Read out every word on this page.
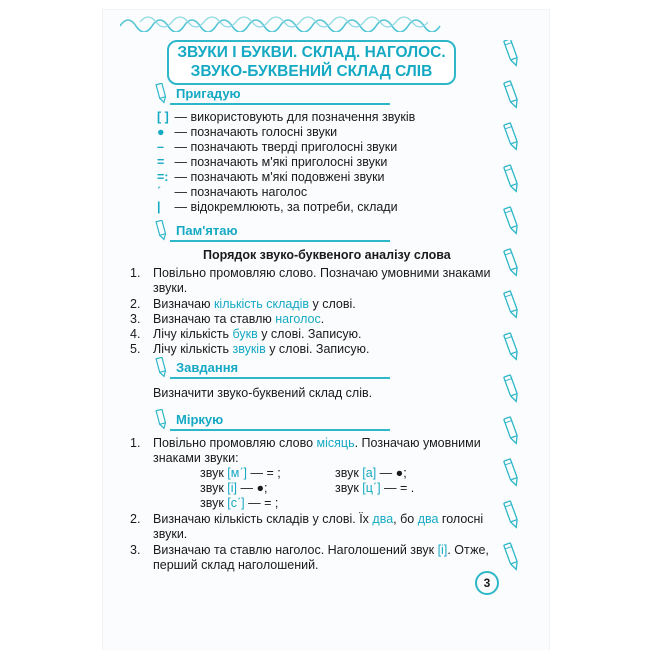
ЗВУКИ І БУКВИ. СКЛАД. НАГОЛОС.
ЗВУКО-БУКВЕНИЙ СКЛАД СЛІВ
Пригадую
[ ] — використовують для позначення звуків
● — позначають голосні звуки
– — позначають тверді приголосні звуки
= — позначають м'які приголосні звуки
=: — позначають м'які подовжені звуки
ˊ — позначають наголос
| — відокремлюють, за потреби, склади
Пам'ятаю
Порядок звуко-буквеного аналізу слова
1. Повільно промовляю слово. Позначаю умовними знаками
звуки.
2. Визначаю кількість складів у слові.
3. Визначаю та ставлю наголос.
4. Лічу кількість букв у слові. Записую.
5. Лічу кількість звуків у слові. Записую.
Завдання
Визначити звуко-буквений склад слів.
Міркую
1. Повільно промовляю слово місяць. Позначаю умовними
знаками звуки:
звук [мˊ] — = ;
звук [і] — ●;
звук [сˊ] — = ;
звук [а] — ●;
звук [цˊ] — = .
2. Визначаю кількість складів у слові. Їх два, бо два голосні
звуки.
3. Визначаю та ставлю наголос. Наголошений звук [і]. Отже,
перший склад наголошений.
3
